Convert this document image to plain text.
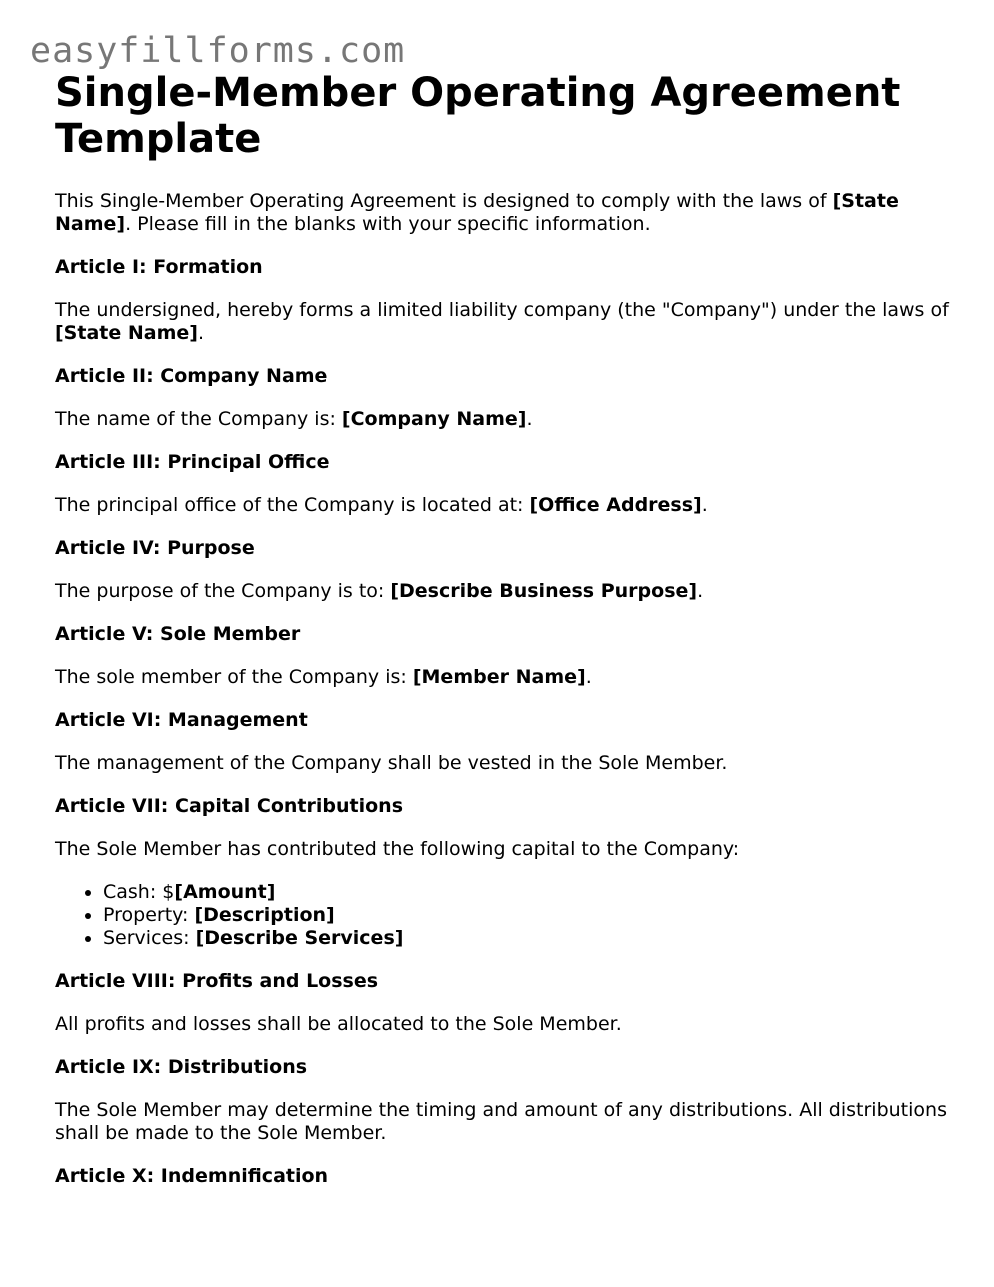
easyfillforms.com
Single-Member Operating Agreement Template

This Single-Member Operating Agreement is designed to comply with the laws of [State Name]. Please fill in the blanks with your specific information.

Article I: Formation

The undersigned, hereby forms a limited liability company (the "Company") under the laws of [State Name].

Article II: Company Name

The name of the Company is: [Company Name].

Article III: Principal Office

The principal office of the Company is located at: [Office Address].

Article IV: Purpose

The purpose of the Company is to: [Describe Business Purpose].

Article V: Sole Member

The sole member of the Company is: [Member Name].

Article VI: Management

The management of the Company shall be vested in the Sole Member.

Article VII: Capital Contributions

The Sole Member has contributed the following capital to the Company:

• Cash: $[Amount]
• Property: [Description]
• Services: [Describe Services]

Article VIII: Profits and Losses

All profits and losses shall be allocated to the Sole Member.

Article IX: Distributions

The Sole Member may determine the timing and amount of any distributions. All distributions shall be made to the Sole Member.

Article X: Indemnification
